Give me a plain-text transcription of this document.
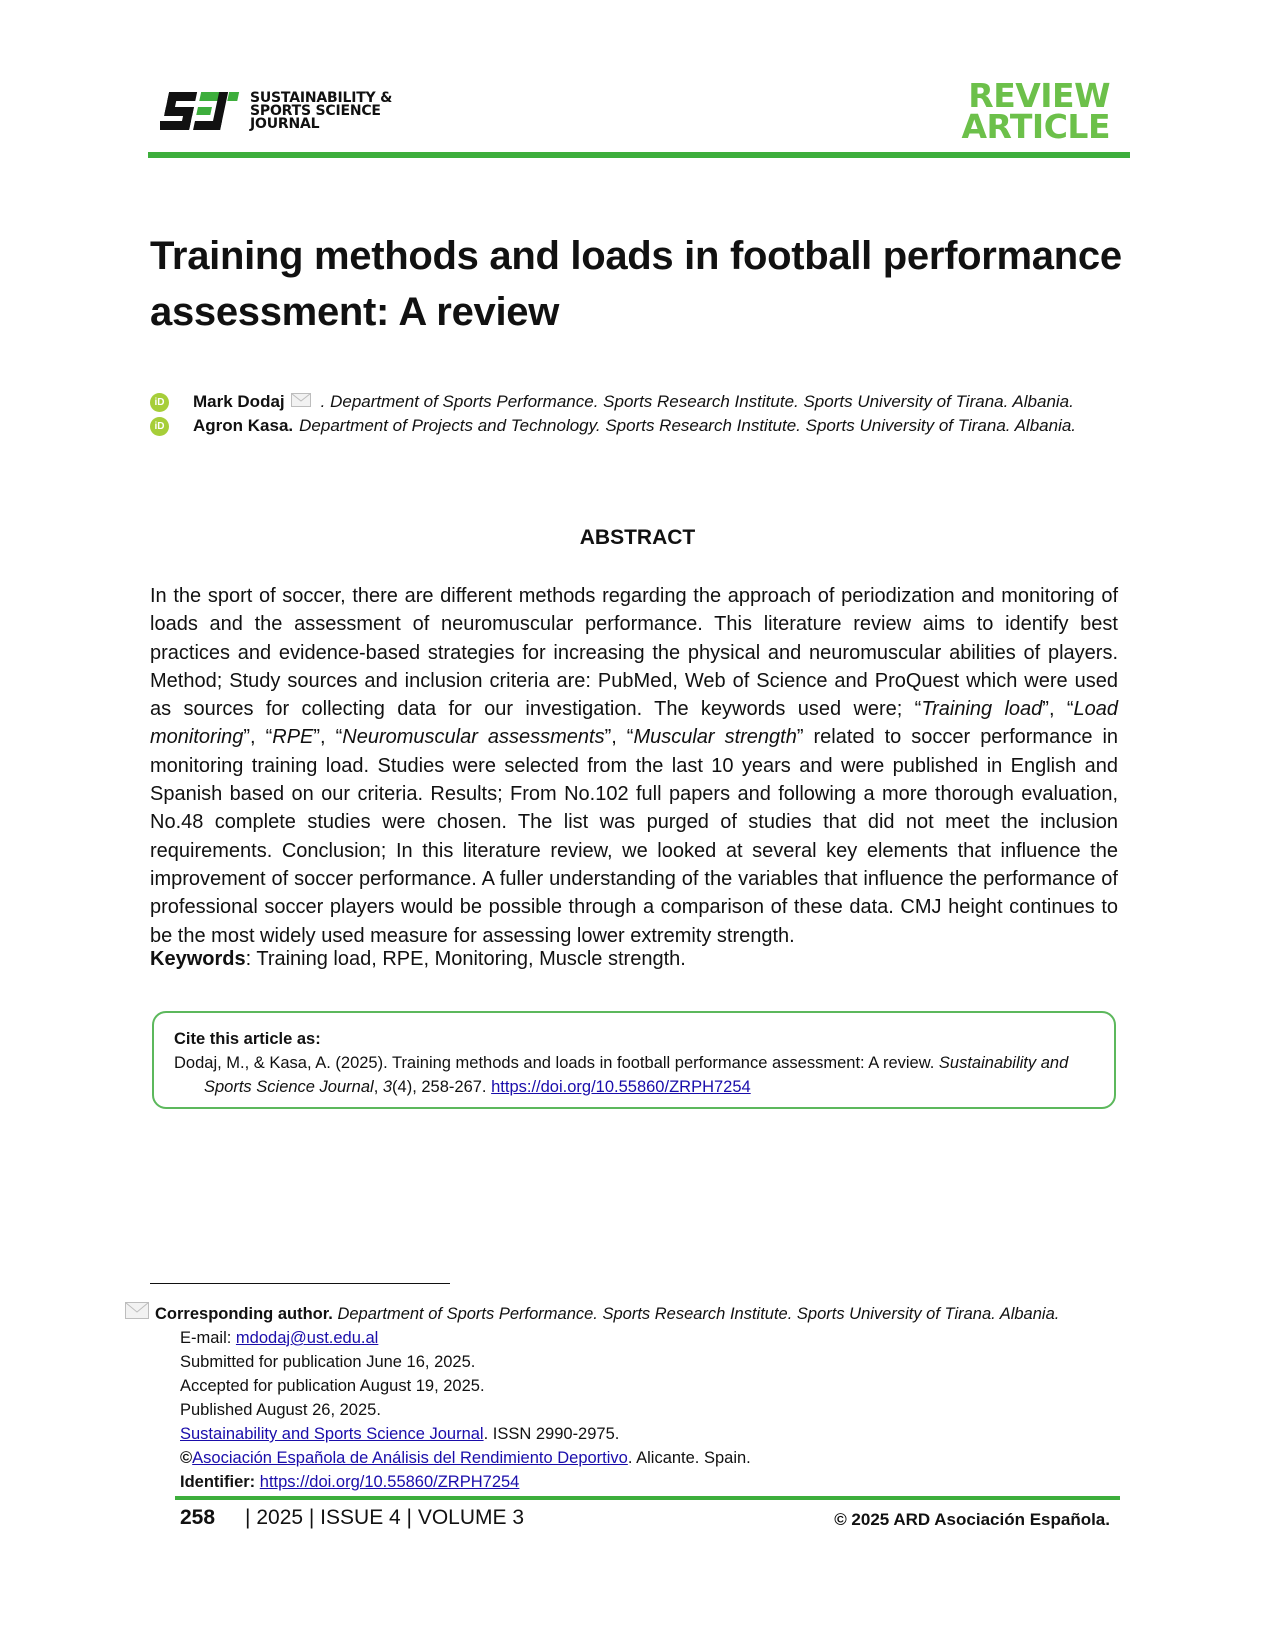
SUSTAINABILITY &
SPORTS SCIENCE
JOURNAL
REVIEW
ARTICLE
Training methods and loads in football performance assessment: A review
iD Mark Dodaj . Department of Sports Performance. Sports Research Institute. Sports University of Tirana. Albania.
iD Agron Kasa. Department of Projects and Technology. Sports Research Institute. Sports University of Tirana. Albania.
ABSTRACT

In the sport of soccer, there are different methods regarding the approach of periodization and monitoring of loads and the assessment of neuromuscular performance. This literature review aims to identify best practices and evidence-based strategies for increasing the physical and neuromuscular abilities of players. Method; Study sources and inclusion criteria are: PubMed, Web of Science and ProQuest which were used as sources for collecting data for our investigation. The keywords used were; “Training load”, “Load monitoring”, “RPE”, “Neuromuscular assessments”, “Muscular strength” related to soccer performance in monitoring training load. Studies were selected from the last 10 years and were published in English and Spanish based on our criteria. Results; From No.102 full papers and following a more thorough evaluation, No.48 complete studies were chosen. The list was purged of studies that did not meet the inclusion requirements. Conclusion; In this literature review, we looked at several key elements that influence the improvement of soccer performance. A fuller understanding of the variables that influence the performance of professional soccer players would be possible through a comparison of these data. CMJ height continues to be the most widely used measure for assessing lower extremity strength.

Keywords: Training load, RPE, Monitoring, Muscle strength.

Cite this article as:
Dodaj, M., & Kasa, A. (2025). Training methods and loads in football performance assessment: A review. Sustainability and Sports Science Journal, 3(4), 258-267. https://doi.org/10.55860/ZRPH7254
Corresponding author.
Department of Sports Performance. Sports Research Institute. Sports University of Tirana. Albania.
E-mail: mdodaj@ust.edu.al
Submitted for publication June 16, 2025.
Accepted for publication August 19, 2025.
Published August 26, 2025.
Sustainability and Sports Science Journal. ISSN 2990-2975.
©Asociación Española de Análisis del Rendimiento Deportivo. Alicante. Spain.
Identifier: https://doi.org/10.55860/ZRPH7254
258 | 2025 | ISSUE 4 | VOLUME 3	© 2025 ARD Asociación Española.
